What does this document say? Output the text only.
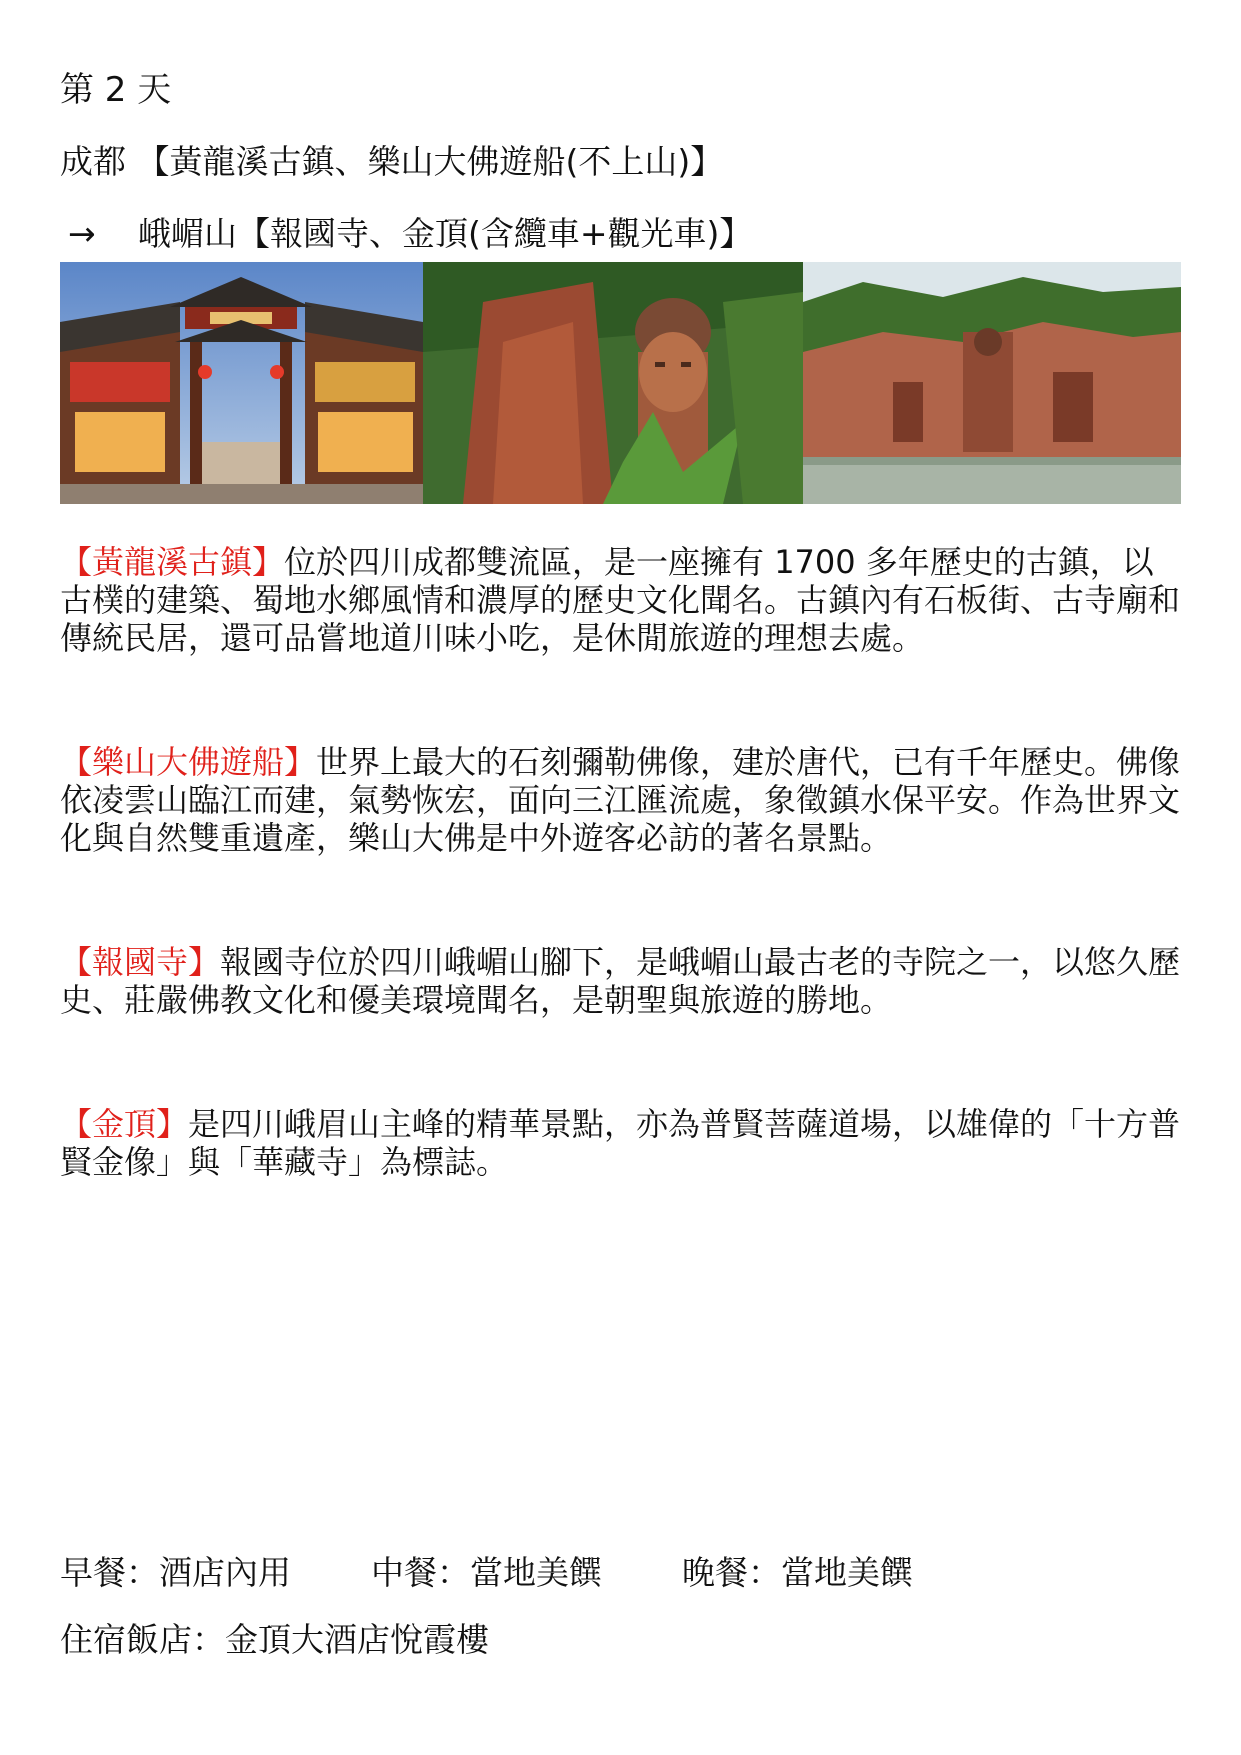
第 2 天
成都 【黃龍溪古鎮、樂山大佛遊船(不上山)】
→ 峨嵋山【報國寺、金頂(含纜車+觀光車)】
【黃龍溪古鎮】位於四川成都雙流區，是一座擁有 1700 多年歷史的古鎮，以古樸的建築、蜀地水鄉風情和濃厚的歷史文化聞名。古鎮內有石板街、古寺廟和傳統民居，還可品嘗地道川味小吃，是休閒旅遊的理想去處。
【樂山大佛遊船】世界上最大的石刻彌勒佛像，建於唐代，已有千年歷史。佛像依凌雲山臨江而建，氣勢恢宏，面向三江匯流處，象徵鎮水保平安。作為世界文化與自然雙重遺產，樂山大佛是中外遊客必訪的著名景點。
【報國寺】報國寺位於四川峨嵋山腳下，是峨嵋山最古老的寺院之一，以悠久歷史、莊嚴佛教文化和優美環境聞名，是朝聖與旅遊的勝地。
【金頂】是四川峨眉山主峰的精華景點，亦為普賢菩薩道場，以雄偉的「十方普賢金像」與「華藏寺」為標誌。
早餐：酒店內用 中餐：當地美饌 晚餐：當地美饌
住宿飯店：金頂大酒店悅霞樓
